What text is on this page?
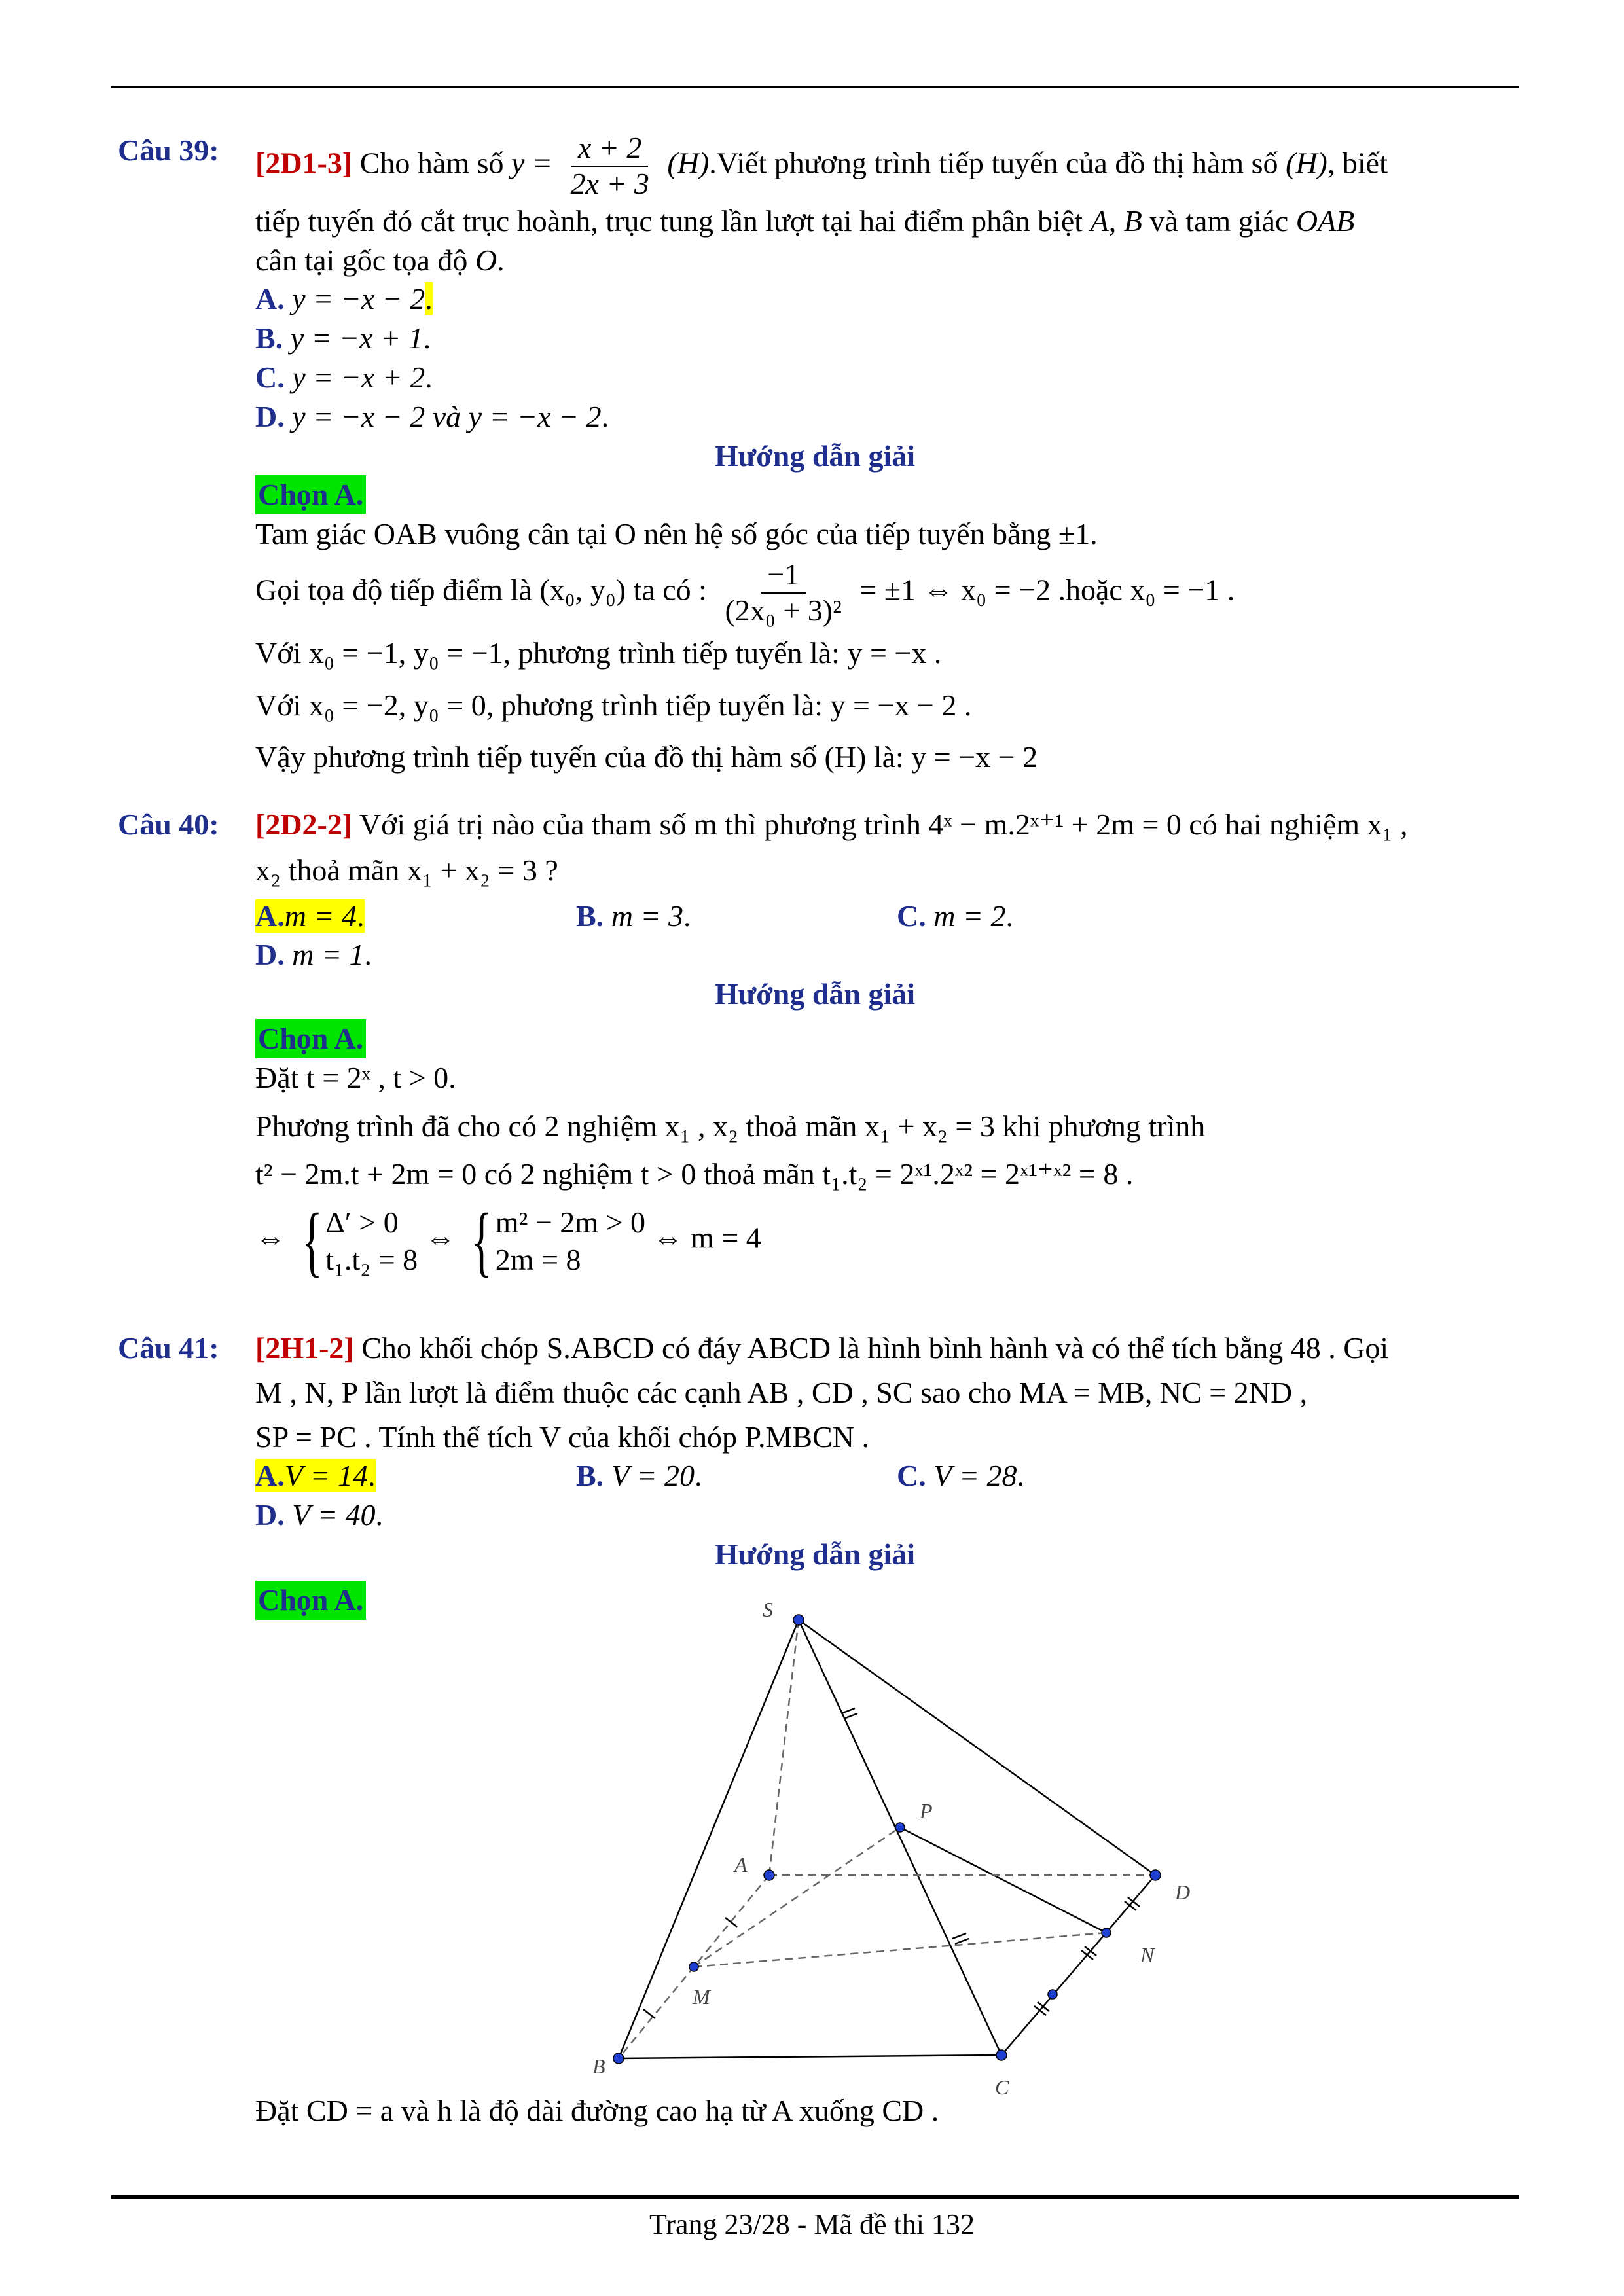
Câu 39: [2D1-3] Cho hàm số $y = \frac{x + 2}{2x + 3}$ (H).Viết phương trình tiếp tuyến của đồ thị hàm số (H), biết
tiếp tuyến đó cắt trục hoành, trục tung lần lượt tại hai điểm phân biệt A, B và tam giác OAB
cân tại gốc tọa độ O.
A. y = −x − 2.
B. y = −x + 1.
C. y = −x + 2.
D. y = −x − 2 và y = −x − 2.
Hướng dẫn giải
Chọn A.
Tam giác OAB vuông cân tại O nên hệ số góc của tiếp tuyến bằng ±1.
Gọi tọa độ tiếp điểm là (x₀, y₀) ta có : $\frac{-1}{\text{(2x₀ + 3)²}} = \pm 1$ ⇔ x₀ = −2 .hoặc x₀ = −1 .
Với x₀ = −1, y₀ = −1, phương trình tiếp tuyến là: y = −x .
Với x₀ = −2, y₀ = 0, phương trình tiếp tuyến là: y = −x − 2 .
Vậy phương trình tiếp tuyến của đồ thị hàm số (H) là: y = −x − 2
Câu 40: [2D2-2] Với giá trị nào của tham số m thì phương trình 4ˣ − m.2ˣ⁺¹ + 2m = 0 có hai nghiệm x₁ ,
x₂ thoả mãn x₁ + x₂ = 3 ?
A.m = 4.	B. m = 3.	C. m = 2.
D. m = 1.
Hướng dẫn giải
Chọn A.
Đặt t = 2ˣ , t > 0.
Phương trình đã cho có 2 nghiệm x₁ , x₂ thoả mãn x₁ + x₂ = 3 khi phương trình
t² − 2m.t + 2m = 0 có 2 nghiệm t > 0 thoả mãn t₁.t₂ = 2ˣ¹.2ˣ² = 2ˣ¹⁺ˣ² = 8 .
⇔ { Δ′ > 0
t₁.t₂ = 8
⇔ { m² − 2m > 0
2m = 8
⇔ m = 4
Câu 41: [2H1-2] Cho khối chóp S.ABCD có đáy ABCD là hình bình hành và có thể tích bằng 48 . Gọi
M , N, P lần lượt là điểm thuộc các cạnh AB , CD , SC sao cho MA = MB, NC = 2ND ,
SP = PC . Tính thể tích V của khối chóp P.MBCN .
A.V = 14.	B. V = 20.	C. V = 28.
D. V = 40.
Hướng dẫn giải
Chọn A.	S
A
B
C
D
M
N
P
Đặt CD = a và h là độ dài đường cao hạ từ A xuống CD .
Trang 23/28 - Mã đề thi 132
